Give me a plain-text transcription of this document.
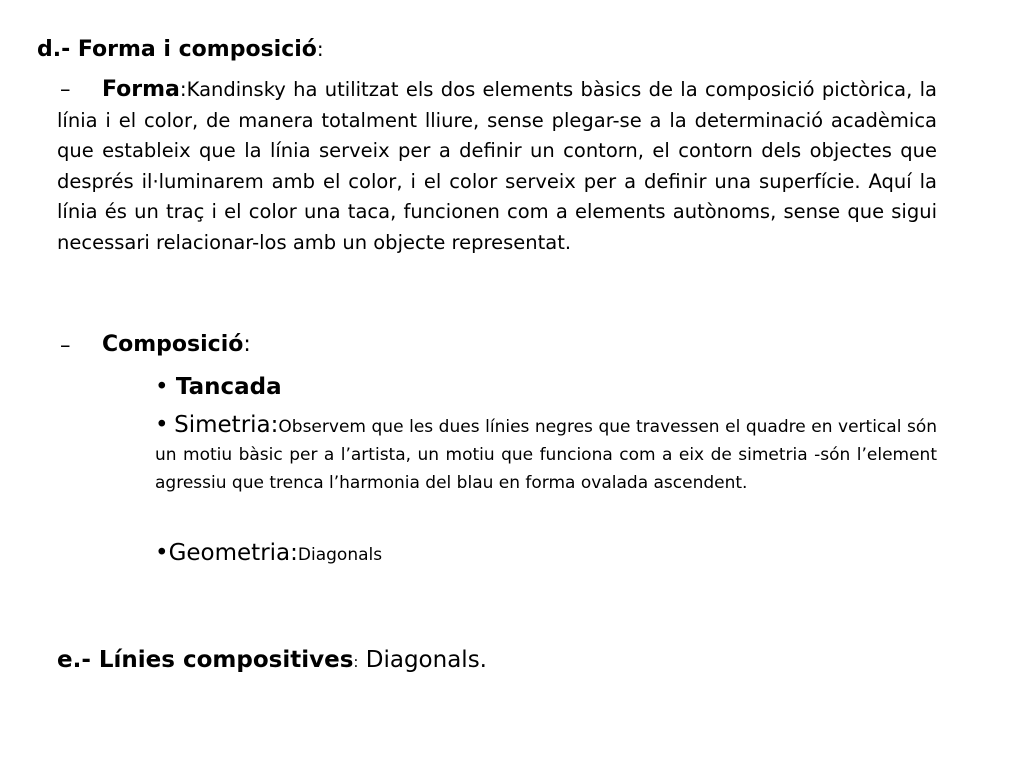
d.- Forma i composició:
– Forma:Kandinsky ha utilitzat els dos elements bàsics de la composició pictòrica, la línia i el color, de manera totalment lliure, sense plegar-se a la determinació acadèmica que estableix que la línia serveix per a definir un contorn, el contorn dels objectes que després il·luminarem amb el color, i el color serveix per a definir una superfície. Aquí la línia és un traç i el color una taca, funcionen com a elements autònoms, sense que sigui necessari relacionar-los amb un objecte representat.
– Composició:
• Tancada
• Simetria:Observem que les dues línies negres que travessen el quadre en vertical són un motiu bàsic per a l’artista, un motiu que funciona com a eix de simetria -són l’element agressiu que trenca l’harmonia del blau en forma ovalada ascendent.
•Geometria:Diagonals
e.- Línies compositives: Diagonals.
